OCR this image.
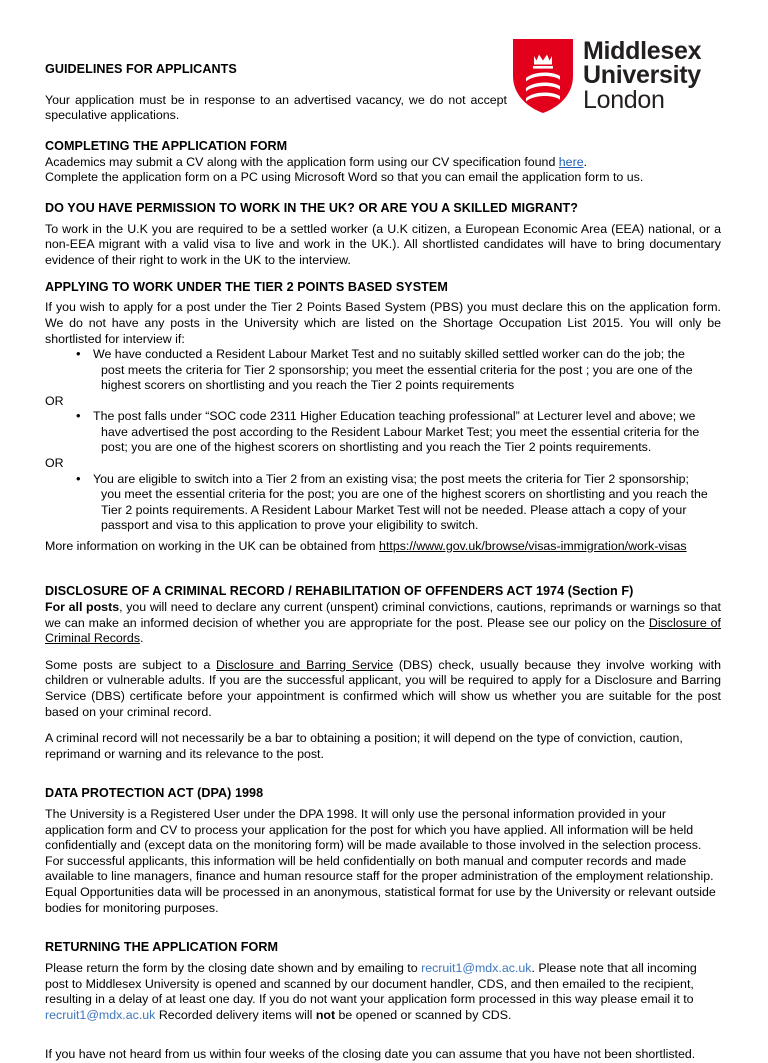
Middlesex
University
London
GUIDELINES FOR APPLICANTS

Your application must be in response to an advertised vacancy, we do not accept speculative applications.

COMPLETING THE APPLICATION FORM

Academics may submit a CV along with the application form using our CV specification found here.

Complete the application form on a PC using Microsoft Word so that you can email the application form to us.

DO YOU HAVE PERMISSION TO WORK IN THE UK? OR ARE YOU A SKILLED MIGRANT?

To work in the U.K you are required to be a settled worker (a U.K citizen, a European Economic Area (EEA) national, or a non-EEA migrant with a valid visa to live and work in the UK.). All shortlisted candidates will have to bring documentary evidence of their right to work in the UK to the interview.

APPLYING TO WORK UNDER THE TIER 2 POINTS BASED SYSTEM

If you wish to apply for a post under the Tier 2 Points Based System (PBS) you must declare this on the application form. We do not have any posts in the University which are listed on the Shortage Occupation List 2015. You will only be shortlisted for interview if:

• We have conducted a Resident Labour Market Test and no suitably skilled settled worker can do the job; the
post meets the criteria for Tier 2 sponsorship; you meet the essential criteria for the post ; you are one of the highest scorers on shortlisting and you reach the Tier 2 points requirements

OR

• The post falls under “SOC code 2311 Higher Education teaching professional” at Lecturer level and above; we
have advertised the post according to the Resident Labour Market Test; you meet the essential criteria for the post; you are one of the highest scorers on shortlisting and you reach the Tier 2 points requirements.

OR

• You are eligible to switch into a Tier 2 from an existing visa; the post meets the criteria for Tier 2 sponsorship;
you meet the essential criteria for the post; you are one of the highest scorers on shortlisting and you reach the Tier 2 points requirements. A Resident Labour Market Test will not be needed. Please attach a copy of your passport and visa to this application to prove your eligibility to switch.

More information on working in the UK can be obtained from https://www.gov.uk/browse/visas-immigration/work-visas

DISCLOSURE OF A CRIMINAL RECORD / REHABILITATION OF OFFENDERS ACT 1974 (Section F)

For all posts, you will need to declare any current (unspent) criminal convictions, cautions, reprimands or warnings so that we can make an informed decision of whether you are appropriate for the post. Please see our policy on the Disclosure of Criminal Records.

Some posts are subject to a Disclosure and Barring Service (DBS) check, usually because they involve working with children or vulnerable adults. If you are the successful applicant, you will be required to apply for a Disclosure and Barring Service (DBS) certificate before your appointment is confirmed which will show us whether you are suitable for the post based on your criminal record.

A criminal record will not necessarily be a bar to obtaining a position; it will depend on the type of conviction, caution, reprimand or warning and its relevance to the post.

DATA PROTECTION ACT (DPA) 1998

The University is a Registered User under the DPA 1998. It will only use the personal information provided in your application form and CV to process your application for the post for which you have applied. All information will be held confidentially and (except data on the monitoring form) will be made available to those involved in the selection process. For successful applicants, this information will be held confidentially on both manual and computer records and made available to line managers, finance and human resource staff for the proper administration of the employment relationship. Equal Opportunities data will be processed in an anonymous, statistical format for use by the University or relevant outside bodies for monitoring purposes.

RETURNING THE APPLICATION FORM

Please return the form by the closing date shown and by emailing to recruit1@mdx.ac.uk. Please note that all incoming post to Middlesex University is opened and scanned by our document handler, CDS, and then emailed to the recipient, resulting in a delay of at least one day. If you do not want your application form processed in this way please email it to recruit1@mdx.ac.uk Recorded delivery items will not be opened or scanned by CDS.

If you have not heard from us within four weeks of the closing date you can assume that you have not been shortlisted.
